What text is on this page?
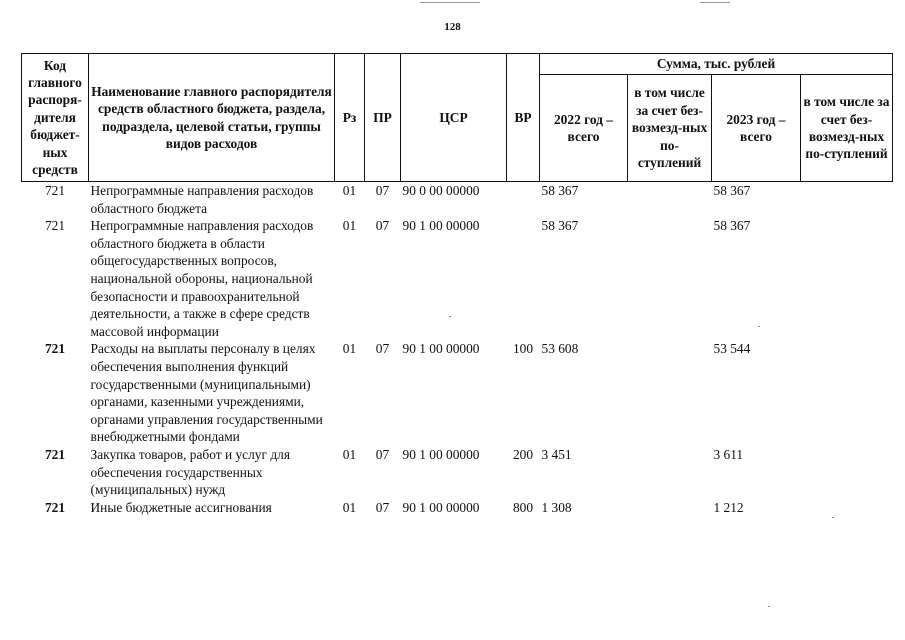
128
Код главного распоря-дителя бюджет-ных средств	Наименование главного распорядителя средств областного бюджета, раздела, подраздела, целевой статьи, группы видов расходов	Рз	ПР	ЦСР	ВР	Сумма, тыс. рублей			
						2022 год – всего	в том числе за счет без-возмезд-ных по-ступлений	2023 год – всего	в том числе за счет без-возмезд-ных по-ступлений
721	Непрограммные направления расходов областного бюджета	01	07	90 0 00 00000		58 367		58 367	
721	Непрограммные направления расходов областного бюджета в области общегосударственных вопросов, национальной обороны, национальной безопасности и правоохранительной деятельности, а также в сфере средств массовой информации	01	07	90 1 00 00000		58 367		58 367	
721	Расходы на выплаты персоналу в целях обеспечения выполнения функций государственными (муниципальными) органами, казенными учреждениями, органами управления государственными внебюджетными фондами	01	07	90 1 00 00000	100	53 608		53 544	
721	Закупка товаров, работ и услуг для обеспечения государственных (муниципальных) нужд	01	07	90 1 00 00000	200	3 451		3 611	
721	Иные бюджетные ассигнования	01	07	90 1 00 00000	800	1 308		1 212	
